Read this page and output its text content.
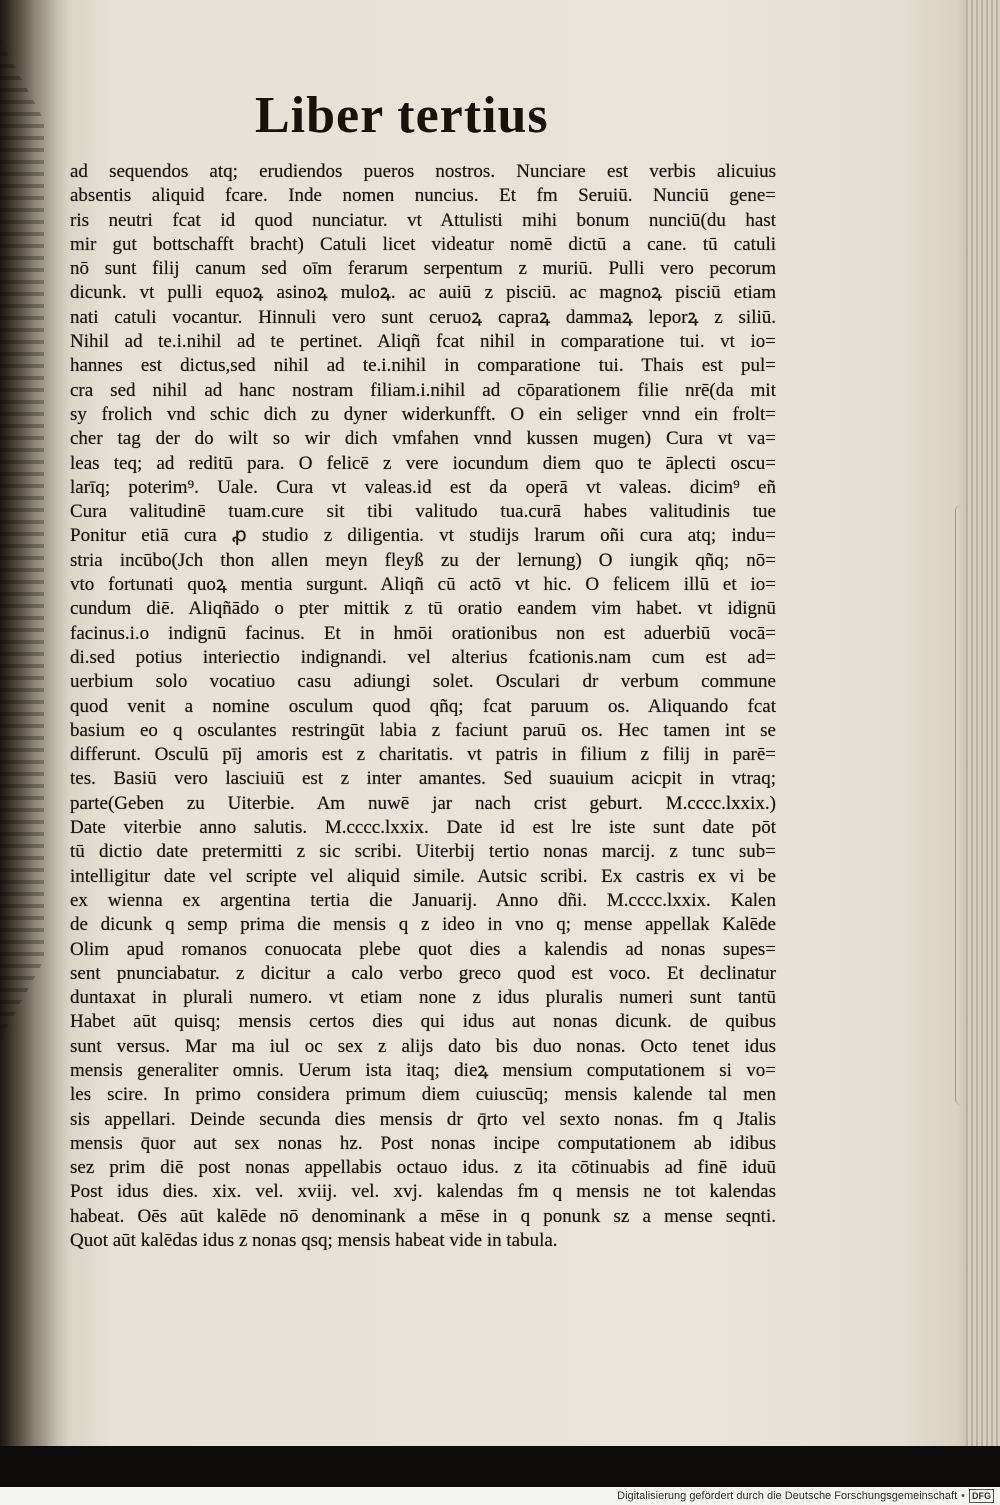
Liber tertius
ad sequendos atq; erudiendos pueros nostros. Nunciare est verbis alicuius
absentis aliquid fcare. Inde nomen nuncius. Et fm Seruiū. Nunciū gene=
ris neutri fcat id quod nunciatur. vt Attulisti mihi bonum nunciū(du hast
mir gut bottschafft bracht) Catuli licet videatur nomē dictū a cane. tū catuli
nō sunt filij canum sed oīm ferarum serpentum z muriū. Pulli vero pecorum
dicunk. vt pulli equoꝝ asinoꝝ muloꝝ. ac auiū z pisciū. ac magnoꝝ pisciū etiam
nati catuli vocantur. Hinnuli vero sunt ceruoꝝ capraꝝ dammaꝝ leporꝝ z siliū.
Nihil ad te.i.nihil ad te pertinet. Aliqñ fcat nihil in comparatione tui. vt io=
hannes est dictus,sed nihil ad te.i.nihil in comparatione tui. Thais est pul=
cra sed nihil ad hanc nostram filiam.i.nihil ad cōparationem filie nrē(da mit
sy frolich vnd schic dich zu dyner widerkunfft. O ein seliger vnnd ein frolt=
cher tag der do wilt so wir dich vmfahen vnnd kussen mugen) Cura vt va=
leas teq; ad reditū para. O felicē z vere iocundum diem quo te āplecti oscu=
larīq; poterim⁹. Uale. Cura vt valeas.id est da operā vt valeas. dicim⁹ eñ
Cura valitudinē tuam.cure sit tibi valitudo tua.curā habes valitudinis tue
Ponitur etiā cura ꝓ studio z diligentia. vt studijs lrarum oñi cura atq; indu=
stria incūbo(Jch thon allen meyn fleyß zu der lernung) O iungik qñq; nō=
vto fortunati quoꝝ mentia surgunt. Aliqñ cū actō vt hic. O felicem illū et io=
cundum diē. Aliqñādo o pter mittik z tū oratio eandem vim habet. vt idignū
facinus.i.o indignū facinus. Et in hmōi orationibus non est aduerbiū vocā=
di.sed potius interiectio indignandi. vel alterius fcationis.nam cum est ad=
uerbium solo vocatiuo casu adiungi solet. Osculari dr verbum commune
quod venit a nomine osculum quod qñq; fcat paruum os. Aliquando fcat
basium eo q osculantes restringūt labia z faciunt paruū os. Hec tamen int se
differunt. Osculū pīj amoris est z charitatis. vt patris in filium z filij in parē=
tes. Basiū vero lasciuiū est z inter amantes. Sed suauium acicpit in vtraq;
parte(Geben zu Uiterbie. Am nuwē jar nach crist geburt. M.cccc.lxxix.)
Date viterbie anno salutis. M.cccc.lxxix. Date id est lre iste sunt date pōt
tū dictio date pretermitti z sic scribi. Uiterbij tertio nonas marcij. z tunc sub=
intelligitur date vel scripte vel aliquid simile. Autsic scribi. Ex castris ex vi be
ex wienna ex argentina tertia die Januarij. Anno dñi. M.cccc.lxxix. Kalen
de dicunk q semp prima die mensis q z ideo in vno q; mense appellak Kalēde
Olim apud romanos conuocata plebe quot dies a kalendis ad nonas supes=
sent pnunciabatur. z dicitur a calo verbo greco quod est voco. Et declinatur
duntaxat in plurali numero. vt etiam none z idus pluralis numeri sunt tantū
Habet aūt quisq; mensis certos dies qui idus aut nonas dicunk. de quibus
sunt versus. Mar ma iul oc sex z alijs dato bis duo nonas. Octo tenet idus
mensis generaliter omnis. Uerum ista itaq; dieꝝ mensium computationem si vo=
les scire. In primo considera primum diem cuiuscūq; mensis kalende tal men
sis appellari. Deinde secunda dies mensis dr q̄rto vel sexto nonas. fm q Jtalis
mensis q̄uor aut sex nonas hz. Post nonas incipe computationem ab idibus
sez prim diē post nonas appellabis octauo idus. z ita cōtinuabis ad finē iduū
Post idus dies. xix. vel. xviij. vel. xvj. kalendas fm q mensis ne tot kalendas
habeat. Oēs aūt kalēde nō denominank a mēse in q ponunk sz a mense seqnti.
Quot aūt kalēdas idus z nonas qsq; mensis habeat vide in tabula.
Digitalisierung gefördert durch die Deutsche Forschungsgemeinschaft• DFG
